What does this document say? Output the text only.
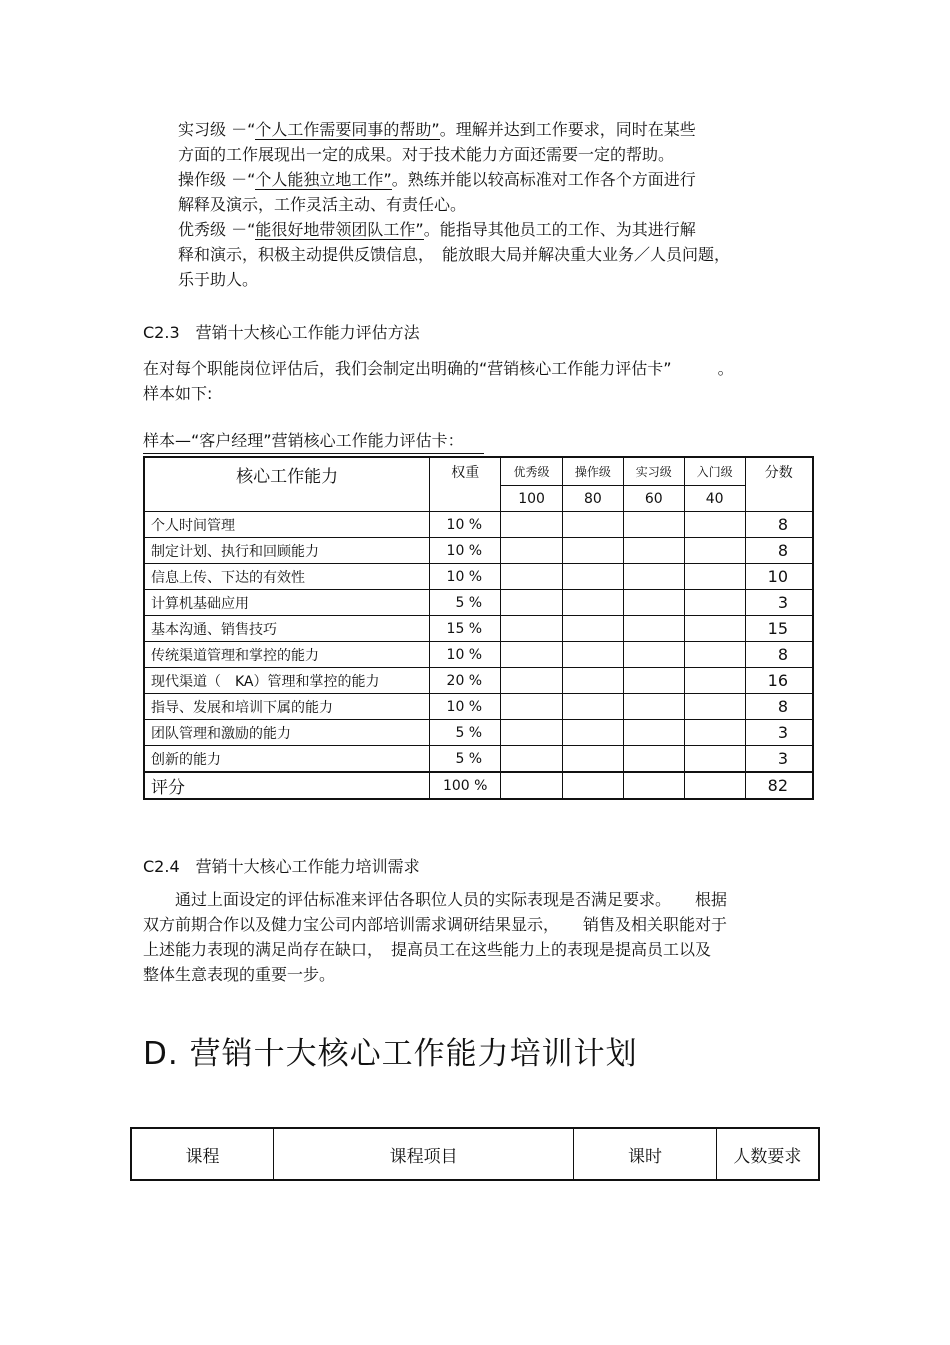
实习级 －“个人工作需要同事的帮助”。理解并达到工作要求，同时在某些
方面的工作展现出一定的成果。对于技术能力方面还需要一定的帮助。
操作级 －“个人能独立地工作”。熟练并能以较高标准对工作各个方面进行
解释及演示，工作灵活主动、有责任心。
优秀级 －“能很好地带领团队工作”。能指导其他员工的工作、为其进行解
释和演示，积极主动提供反馈信息，　能放眼大局并解决重大业务／人员问题，
乐于助人。
C2.3　营销十大核心工作能力评估方法
在对每个职能岗位评估后，我们会制定出明确的“营销核心工作能力评估卡”	。
样本如下:
样本—“客户经理”营销核心工作能力评估卡：
核心工作能力	权重	优秀级	操作级	实习级	入门级	分数
		100	80	60	40	
个人时间管理	10 %					8
制定计划、执行和回顾能力	10 %					8
信息上传、下达的有效性	10 %					10
计算机基础应用	5 %					3
基本沟通、销售技巧	15 %					15
传统渠道管理和掌控的能力	10 %					8
现代渠道（　KA）管理和掌控的能力	20 %					16
指导、发展和培训下属的能力	10 %					8
团队管理和激励的能力	5 %					3
创新的能力	5 %					3
评分	100 %					82
C2.4　营销十大核心工作能力培训需求
　　通过上面设定的评估标准来评估各职位人员的实际表现是否满足要求。　　根据
双方前期合作以及健力宝公司内部培训需求调研结果显示，　　销售及相关职能对于
上述能力表现的满足尚存在缺口，　提高员工在这些能力上的表现是提高员工以及
整体生意表现的重要一步。
D. 营销十大核心工作能力培训计划
课程	课程项目	课时	人数要求
